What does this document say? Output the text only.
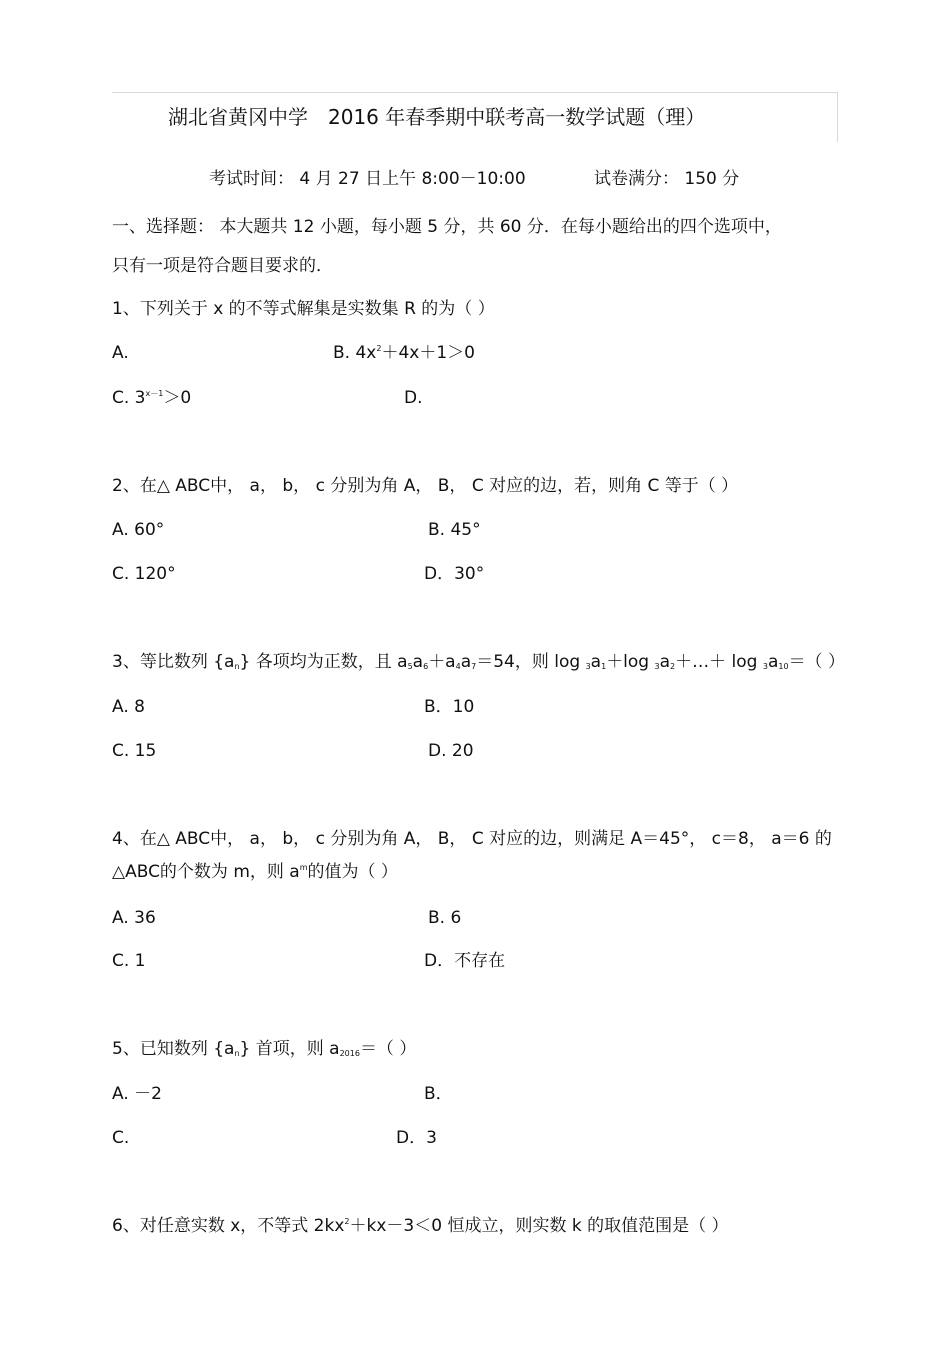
湖北省黄冈中学　2016 年春季期中联考高一数学试题（理）
考试时间： 4 月 27 日上午 8:00－10:00	试卷满分： 150 分
一、选择题： 本大题共 12 小题，每小题 5 分，共 60 分．在每小题给出的四个选项中，
只有一项是符合题目要求的．
1、下列关于 x 的不等式解集是实数集 R 的为（ ）
A.	B. $4x^2+4x+1>0$
C. $3^{x-1}>0$	D.
2、在△ ABC中， a， b， c 分别为角 A， B， C 对应的边，若，则角 C 等于（ ）
A. 60°	B. 45°
C. 120°	D．30°
3、等比数列 $\{a_n\}$ 各项均为正数，且 $a_5a_6+a_4a_7=54$，则 $\log _3a_1+\log$ $_3a_2+\dots+ \log _3a_{10}=$（ ）
A. 8	B．10
C. 15	D. 20
4、在△ ABC中， a， b， c 分别为角 A， B， C 对应的边，则满足 A＝45°， c＝8， a＝6 的
△ABC的个数为 m，则 $a^m$的值为（ ）
A. 36	B. 6
C. 1	D．不存在
5、已知数列 $\{a_n\}$ 首项，则 $a_{2016}=$（ ）
A. －2	B．
C.	D．3
6、对任意实数 x，不等式 $2kx^2+kx-3<0$ 恒成立，则实数 k 的取值范围是（ ）
